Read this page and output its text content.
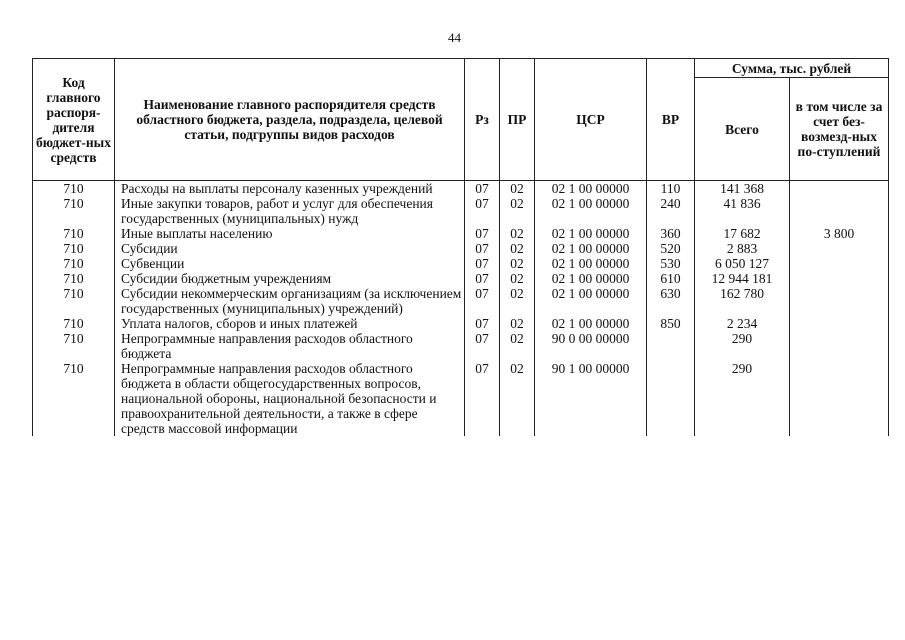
44
Код главного распоря-дителя бюджет-ных средств	Наименование главного распорядителя средств областного бюджета, раздела, подраздела, целевой статьи, подгруппы видов расходов	Рз	ПР	ЦСР	ВР	Сумма, тыс. рублей	
						Всего	в том числе за счет без-возмезд-ных по-ступлений
710	Расходы на выплаты персоналу казенных учреждений	07	02	02 1 00 00000	110	141 368	
710	Иные закупки товаров, работ и услуг для обеспечения государственных (муниципальных) нужд	07	02	02 1 00 00000	240	41 836	
710	Иные выплаты населению	07	02	02 1 00 00000	360	17 682	3 800
710	Субсидии	07	02	02 1 00 00000	520	2 883	
710	Субвенции	07	02	02 1 00 00000	530	6 050 127	
710	Субсидии бюджетным учреждениям	07	02	02 1 00 00000	610	12 944 181	
710	Субсидии некоммерческим организациям (за исключением государственных (муниципальных) учреждений)	07	02	02 1 00 00000	630	162 780	
710	Уплата налогов, сборов и иных платежей	07	02	02 1 00 00000	850	2 234	
710	Непрограммные направления расходов областного бюджета	07	02	90 0 00 00000		290	
710	Непрограммные направления расходов областного бюджета в области общегосударственных вопросов, национальной обороны, национальной безопасности и правоохранительной деятельности, а также в сфере средств массовой информации	07	02	90 1 00 00000		290	
